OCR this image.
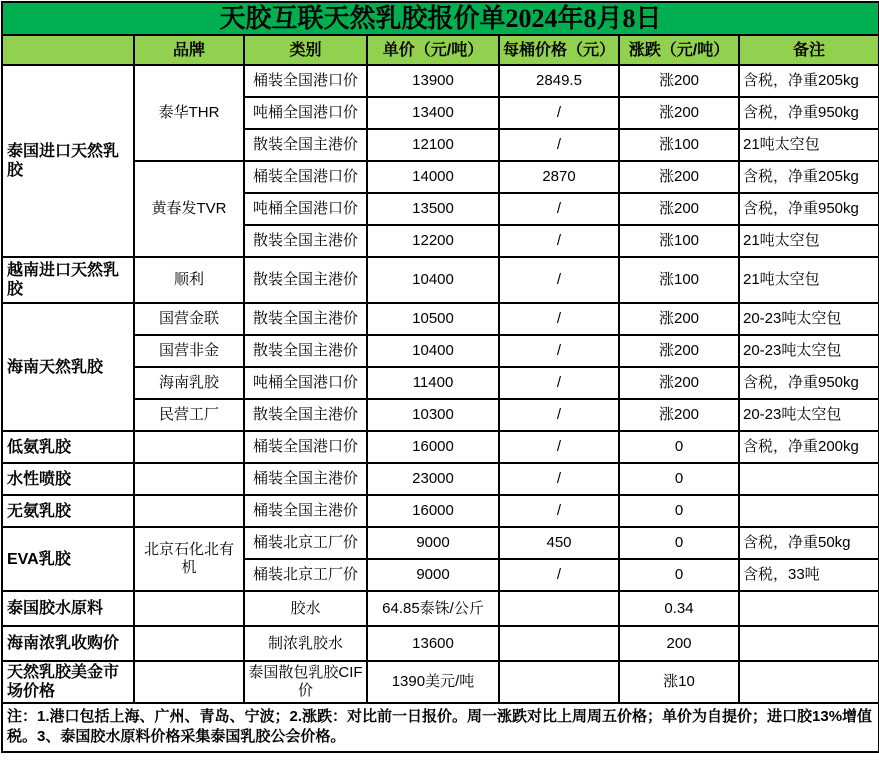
天胶互联天然乳胶报价单2024年8月8日						
	品牌	类别	单价（元/吨）	每桶价格（元）	涨跌（元/吨）	备注
泰国进口天然乳胶	泰华THR	桶装全国港口价	13900	2849.5	涨200	含税，净重205kg
		吨桶全国港口价	13400	/	涨200	含税，净重950kg
		散装全国主港价	12100	/	涨100	21吨太空包
	黄春发TVR	桶装全国港口价	14000	2870	涨200	含税，净重205kg
		吨桶全国港口价	13500	/	涨200	含税，净重950kg
		散装全国主港价	12200	/	涨100	21吨太空包
越南进口天然乳胶	顺利	散装全国主港价	10400	/	涨100	21吨太空包
海南天然乳胶	国营金联	散装全国主港价	10500	/	涨200	20-23吨太空包
	国营非金	散装全国主港价	10400	/	涨200	20-23吨太空包
	海南乳胶	吨桶全国港口价	11400	/	涨200	含税，净重950kg
	民营工厂	散装全国主港价	10300	/	涨200	20-23吨太空包
低氨乳胶		桶装全国港口价	16000	/	0	含税，净重200kg
水性喷胶		桶装全国主港价	23000	/	0	
无氨乳胶		桶装全国主港价	16000	/	0	
EVA乳胶	北京石化北有机	桶装北京工厂价	9000	450	0	含税，净重50kg
		桶装北京工厂价	9000	/	0	含税，33吨
泰国胶水原料		胶水	64.85泰铢/公斤		0.34	
海南浓乳收购价		制浓乳胶水	13600		200	
天然乳胶美金市场价格		泰国散包乳胶CIF价	1390美元/吨		涨10	
注：1.港口包括上海、广州、青岛、宁波；2.涨跌：对比前一日报价。周一涨跌对比上周周五价格；单价为自提价；进口胶13%增值税。3、泰国胶水原料价格采集泰国乳胶公会价格。						
